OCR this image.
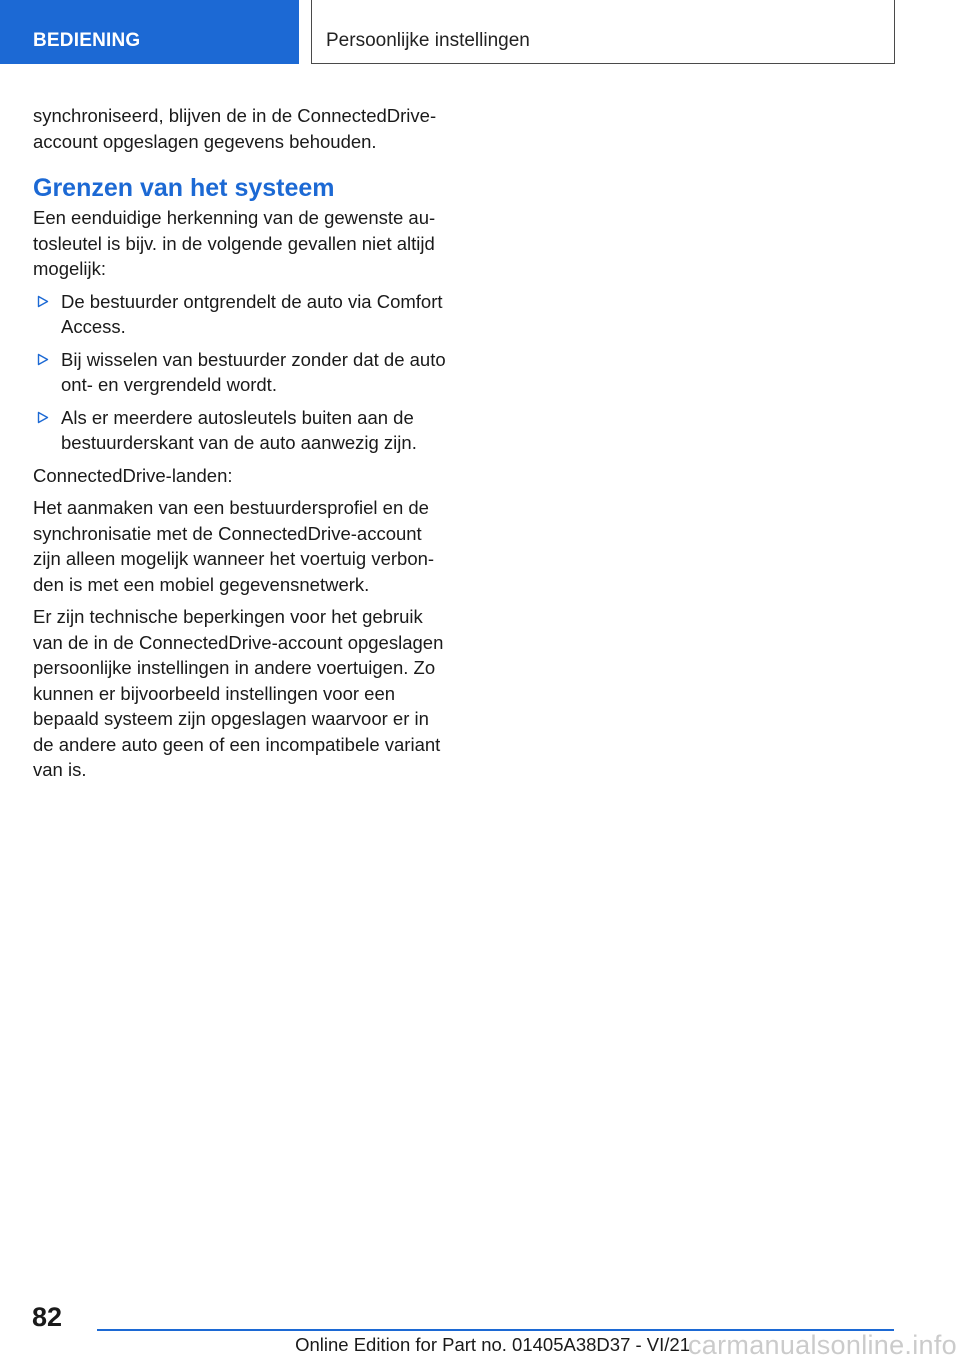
BEDIENING	Persoonlijke instellingen

synchroniseerd, blijven de in de ConnectedDrive-account opgeslagen gegevens behouden.

Grenzen van het systeem

Een eenduidige herkenning van de gewenste autosleutel is bijv. in de volgende gevallen niet altijd mogelijk:

De bestuurder ontgrendelt de auto via Comfort Access.
Bij wisselen van bestuurder zonder dat de auto ont- en vergrendeld wordt.
Als er meerdere autosleutels buiten aan de bestuurderskant van de auto aanwezig zijn.

ConnectedDrive-landen:

Het aanmaken van een bestuurdersprofiel en de synchronisatie met de ConnectedDrive-account zijn alleen mogelijk wanneer het voertuig verbonden is met een mobiel gegevensnetwerk.

Er zijn technische beperkingen voor het gebruik van de in de ConnectedDrive-account opgeslagen persoonlijke instellingen in andere voertuigen. Zo kunnen er bijvoorbeeld instellingen voor een bepaald systeem zijn opgeslagen waarvoor er in de andere auto geen of een incompatibele variant van is.

82
Online Edition for Part no. 01405A38D37 - VI/21
carmanualsonline.info
